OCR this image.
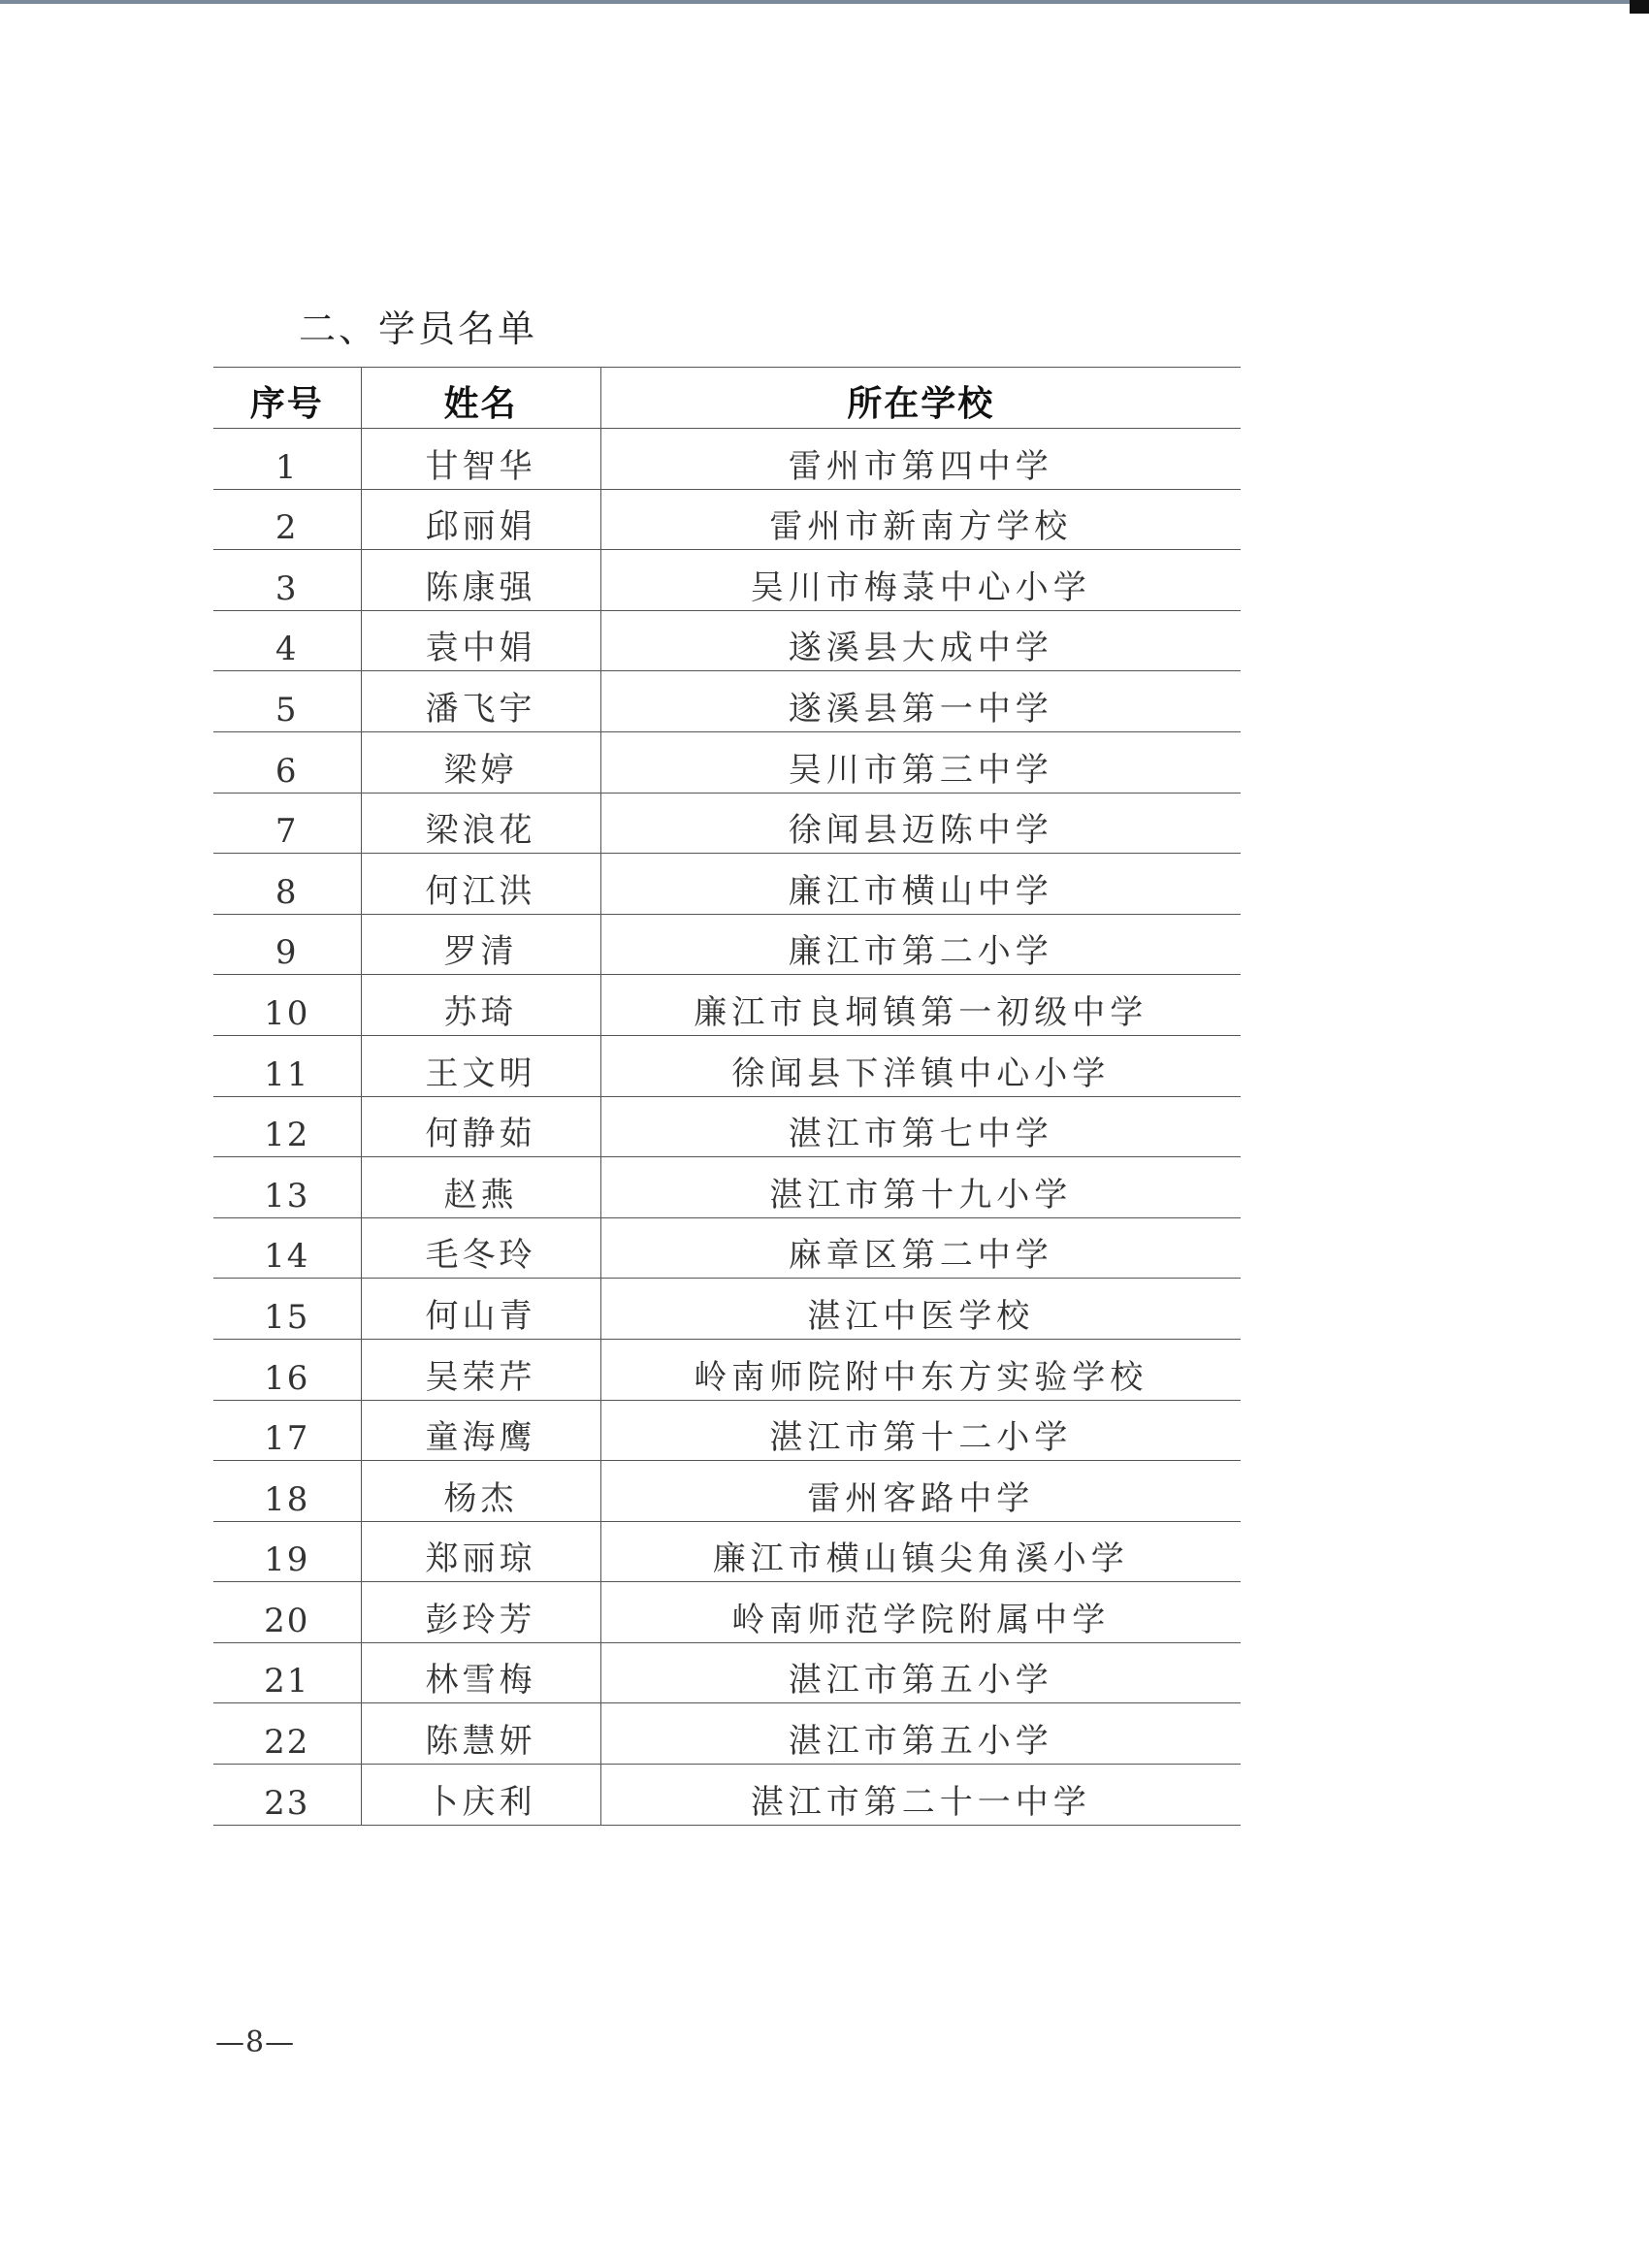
二、学员名单
序号	姓名	所在学校
1	甘智华	雷州市第四中学
2	邱丽娟	雷州市新南方学校
3	陈康强	吴川市梅菉中心小学
4	袁中娟	遂溪县大成中学
5	潘飞宇	遂溪县第一中学
6	梁婷	吴川市第三中学
7	梁浪花	徐闻县迈陈中学
8	何江洪	廉江市横山中学
9	罗清	廉江市第二小学
10	苏琦	廉江市良垌镇第一初级中学
11	王文明	徐闻县下洋镇中心小学
12	何静茹	湛江市第七中学
13	赵燕	湛江市第十九小学
14	毛冬玲	麻章区第二中学
15	何山青	湛江中医学校
16	吴荣芹	岭南师院附中东方实验学校
17	童海鹰	湛江市第十二小学
18	杨杰	雷州客路中学
19	郑丽琼	廉江市横山镇尖角溪小学
20	彭玲芳	岭南师范学院附属中学
21	林雪梅	湛江市第五小学
22	陈慧妍	湛江市第五小学
23	卜庆利	湛江市第二十一中学
—8—
